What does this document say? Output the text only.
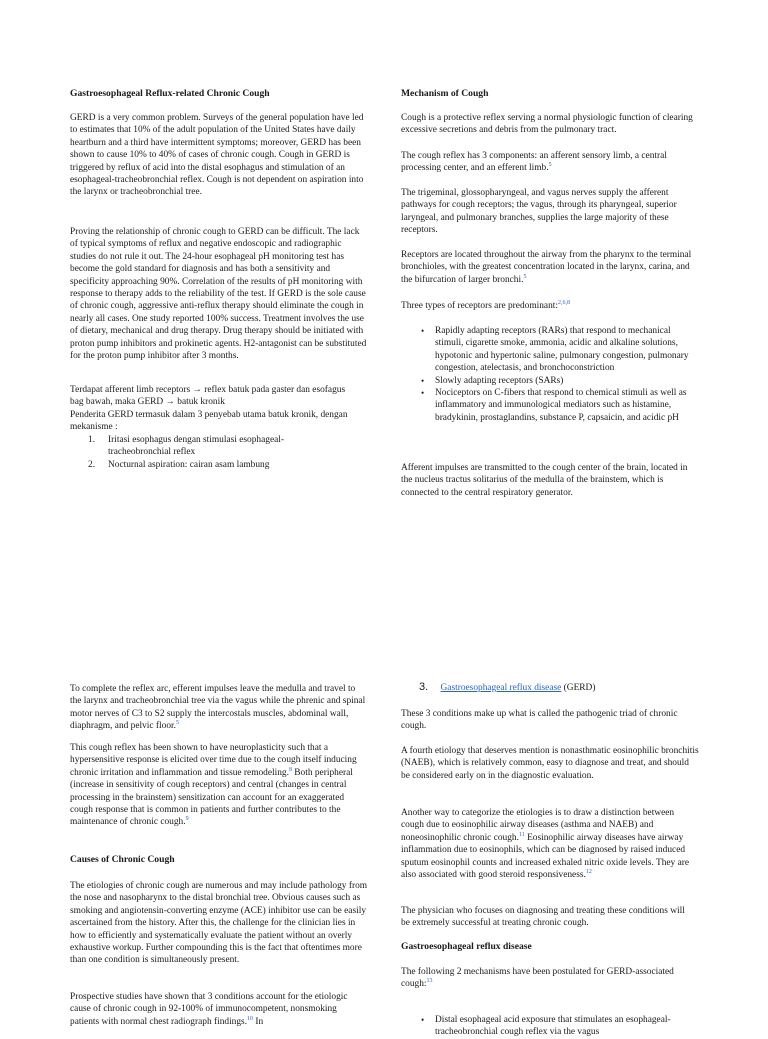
Gastroesophageal Reflux-related Chronic Cough

GERD is a very common problem. Surveys of the general population have led to estimates that 10% of the adult population of the United States have daily heartburn and a third have intermittent symptoms; moreover, GERD has been shown to cause 10% to 40% of cases of chronic cough. Cough in GERD is triggered by reflux of acid into the distal esophagus and stimulation of an esophageal-tracheobronchial reflex. Cough is not dependent on aspiration into the larynx or tracheobronchial tree.

Proving the relationship of chronic cough to GERD can be difficult. The lack of typical symptoms of reflux and negative endoscopic and radiographic studies do not rule it out. The 24-hour esophageal pH monitoring test has become the gold standard for diagnosis and has both a sensitivity and specificity approaching 90%. Correlation of the results of pH monitoring with response to therapy adds to the reliability of the test. If GERD is the sole cause of chronic cough, aggressive anti-reflux therapy should eliminate the cough in nearly all cases. One study reported 100% success. Treatment involves the use of dietary, mechanical and drug therapy. Drug therapy should be initiated with proton pump inhibitors and prokinetic agents. H2-antagonist can be substituted for the proton pump inhibitor after 3 months.

Terdapat afferent limb receptors → reflex batuk pada gaster dan esofagus bag bawah, maka GERD → batuk kronik

Penderita GERD termasuk dalam 3 penyebab utama batuk kronik, dengan mekanisme :

1. Iritasi esophagus dengan stimulasi esophageal-tracheobronchial reflex
2. Nocturnal aspiration: cairan asam lambung
Mechanism of Cough

Cough is a protective reflex serving a normal physiologic function of clearing excessive secretions and debris from the pulmonary tract.

The cough reflex has 3 components: an afferent sensory limb, a central processing center, and an efferent limb.$^5$

The trigeminal, glossopharyngeal, and vagus nerves supply the afferent pathways for cough receptors; the vagus, through its pharyngeal, superior laryngeal, and pulmonary branches, supplies the large majority of these receptors.

Receptors are located throughout the airway from the pharynx to the terminal bronchioles, with the greatest concentration located in the larynx, carina, and the bifurcation of larger bronchi.$^5$

Three types of receptors are predominant:$^{2,6,8}$

• Rapidly adapting receptors (RARs) that respond to mechanical stimuli, cigarette smoke, ammonia, acidic and alkaline solutions, hypotonic and hypertonic saline, pulmonary congestion, pulmonary congestion, atelectasis, and bronchoconstriction
• Slowly adapting receptors (SARs)
• Nociceptors on C-fibers that respond to chemical stimuli as well as inflammatory and immunological mediators such as histamine, bradykinin, prostaglandins, substance P, capsaicin, and acidic pH

Afferent impulses are transmitted to the cough center of the brain, located in the nucleus tractus solitarius of the medulla of the brainstem, which is connected to the central respiratory generator.

To complete the reflex arc, efferent impulses leave the medulla and travel to the larynx and tracheobronchial tree via the vagus while the phrenic and spinal motor nerves of C3 to S2 supply the intercostals muscles, abdominal wall, diaphragm, and pelvic floor.$^5$

This cough reflex has been shown to have neuroplasticity such that a hypersensitive response is elicited over time due to the cough itself inducing chronic irritation and inflammation and tissue remodeling.$^8$ Both peripheral (increase in sensitivity of cough receptors) and central (changes in central processing in the brainstem) sensitization can account for an exaggerated cough response that is common in patients and further contributes to the maintenance of chronic cough.$^9$

Causes of Chronic Cough

The etiologies of chronic cough are numerous and may include pathology from the nose and nasopharynx to the distal bronchial tree. Obvious causes such as smoking and angiotensin-converting enzyme (ACE) inhibitor use can be easily ascertained from the history. After this, the challenge for the clinician lies in how to efficiently and systematically evaluate the patient without an overly exhaustive workup. Further compounding this is the fact that oftentimes more than one condition is simultaneously present.

Prospective studies have shown that 3 conditions account for the etiologic cause of chronic cough in 92-100% of immunocompetent, nonsmoking patients with normal chest radiograph findings.$^{10}$ In

3. Gastroesophageal reflux disease (GERD)

These 3 conditions make up what is called the pathogenic triad of chronic cough.

A fourth etiology that deserves mention is nonasthmatic eosinophilic bronchitis (NAEB), which is relatively common, easy to diagnose and treat, and should be considered early on in the diagnostic evaluation.

Another way to categorize the etiologies is to draw a distinction between cough due to eosinophilic airway diseases (asthma and NAEB) and noneosinophilic chronic cough.$^{11}$ Eosinophilic airway diseases have airway inflammation due to eosinophils, which can be diagnosed by raised induced sputum eosinophil counts and increased exhaled nitric oxide levels. They are also associated with good steroid responsiveness.$^{12}$

The physician who focuses on diagnosing and treating these conditions will be extremely successful at treating chronic cough.

Gastroesophageal reflux disease

The following 2 mechanisms have been postulated for GERD-associated cough:$^{13}$

• Distal esophageal acid exposure that stimulates an esophageal-tracheobronchial cough reflex via the vagus
